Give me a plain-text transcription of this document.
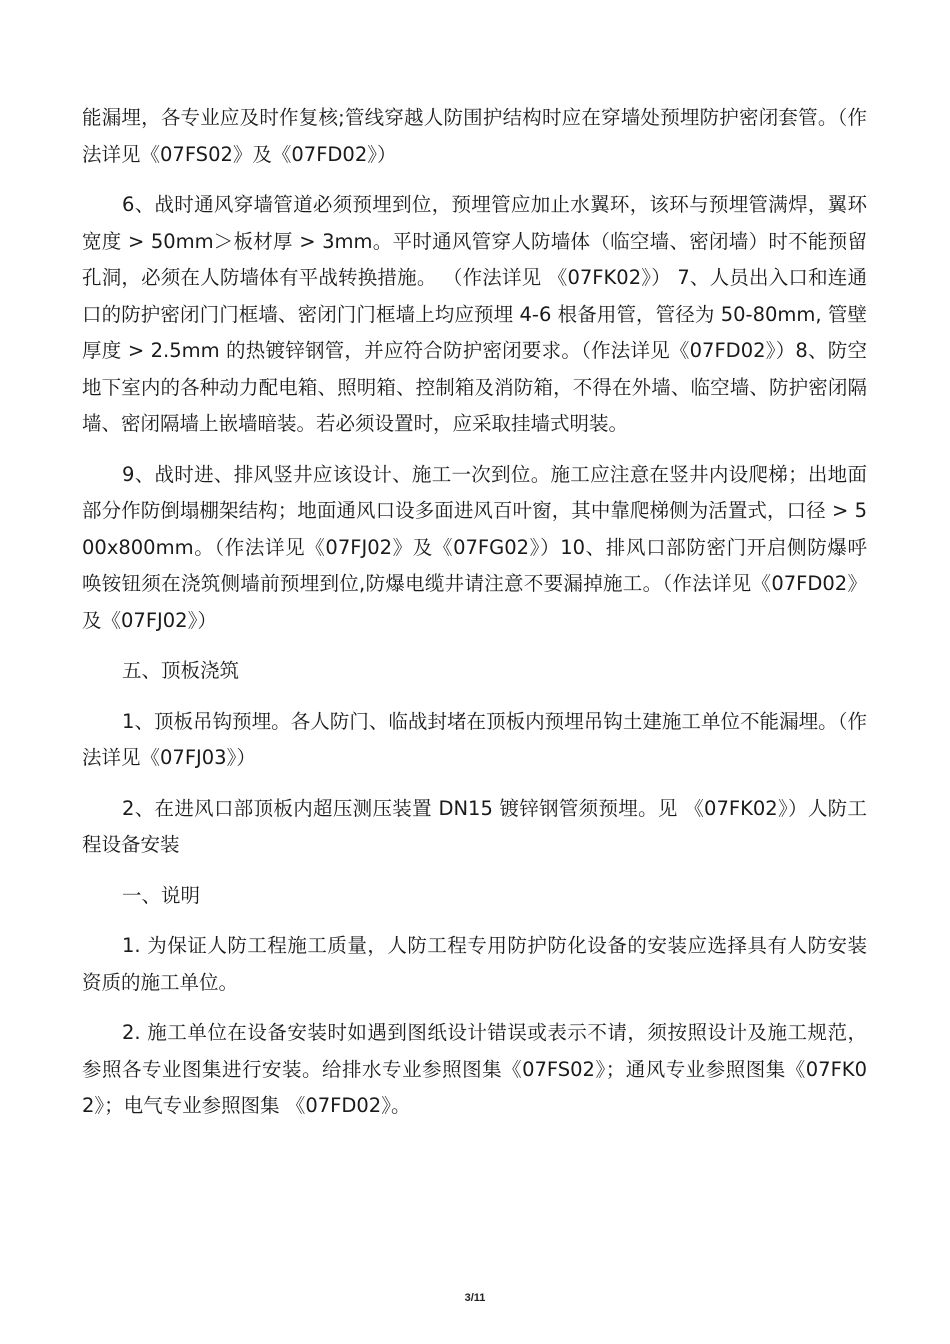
能漏埋，各专业应及时作复核;管线穿越人防围护结构时应在穿墙处预埋防护密闭套管。（作法详见《07FS02》及《07FD02》）

6、战时通风穿墙管道必须预埋到位，预埋管应加止水翼环，该环与预埋管满焊，翼环宽度 > 50mm＞板材厚 > 3mm。平时通风管穿人防墙体（临空墙、密闭墙）时不能预留孔洞，必须在人防墙体有平战转换措施。 （作法详见 《07FK02》） 7、人员出入口和连通口的防护密闭门门框墙、密闭门门框墙上均应预埋 4-6 根备用管，管径为 50-80mm, 管壁厚度 > 2.5mm 的热镀锌钢管，并应符合防护密闭要求。（作法详见《07FD02》）8、防空地下室内的各种动力配电箱、照明箱、控制箱及消防箱，不得在外墙、临空墙、防护密闭隔墙、密闭隔墙上嵌墙暗装。若必须设置时，应采取挂墙式明装。

9、战时进、排风竖井应该设计、施工一次到位。施工应注意在竖井内设爬梯；出地面部分作防倒塌棚架结构；地面通风口设多面进风百叶窗，其中靠爬梯侧为活置式，口径 > 500x800mm。（作法详见《07FJ02》及《07FG02》）10、排风口部防密门开启侧防爆呼唤铵钮须在浇筑侧墙前预埋到位,防爆电缆井请注意不要漏掉施工。（作法详见《07FD02》及《07FJ02》）

五、顶板浇筑

1、顶板吊钩预埋。各人防门、临战封堵在顶板内预埋吊钩土建施工单位不能漏埋。（作法详见《07FJ03》）

2、在进风口部顶板内超压测压装置 DN15 镀锌钢管须预埋。见 《07FK02》）人防工程设备安装

一、说明

1. 为保证人防工程施工质量，人防工程专用防护防化设备的安装应选择具有人防安装资质的施工单位。

2. 施工单位在设备安装时如遇到图纸设计错误或表示不请，须按照设计及施工规范，参照各专业图集进行安装。给排水专业参照图集《07FS02》；通风专业参照图集《07FK02》；电气专业参照图集 《07FD02》。

3/11
